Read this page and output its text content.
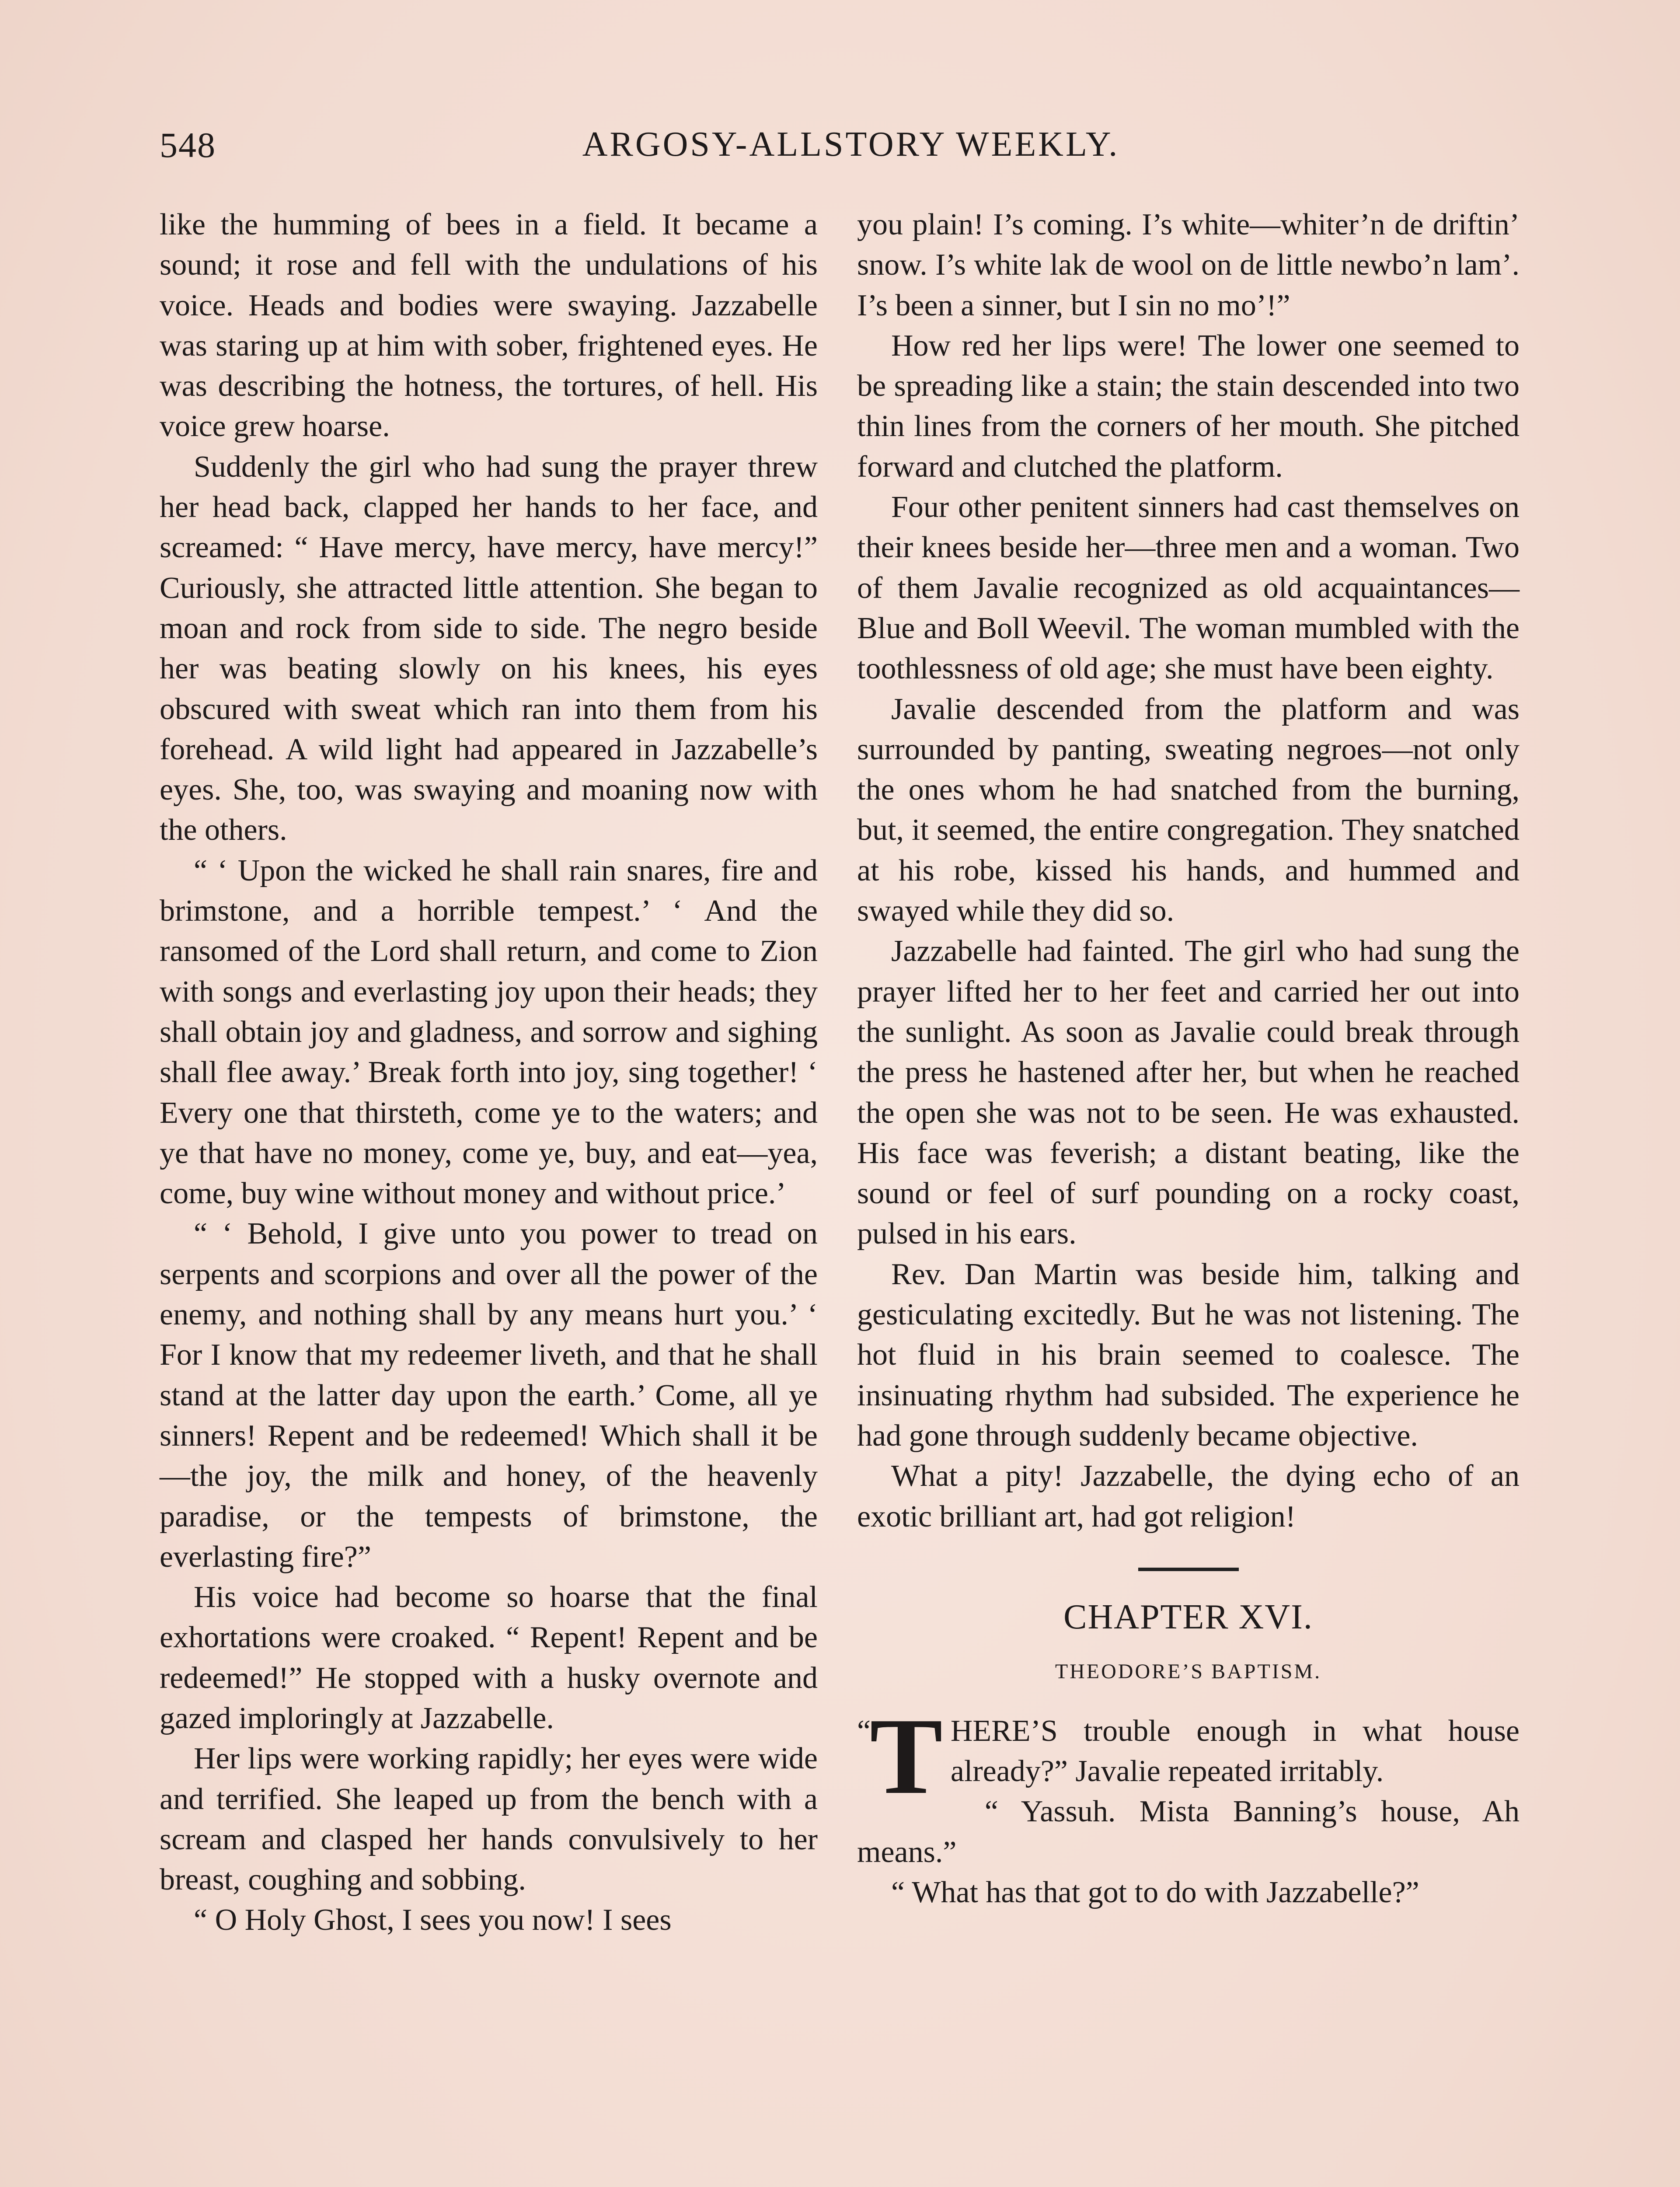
548	ARGOSY-ALLSTORY WEEKLY.

like the humming of bees in a field. It became a sound; it rose and fell with the undulations of his voice. Heads and bodies were swaying. Jazzabelle was staring up at him with sober, frightened eyes. He was describing the hotness, the tortures, of hell. His voice grew hoarse.

Suddenly the girl who had sung the prayer threw her head back, clapped her hands to her face, and screamed: “ Have mercy, have mercy, have mercy!” Curiously, she attracted little attention. She began to moan and rock from side to side. The negro beside her was beating slowly on his knees, his eyes obscured with sweat which ran into them from his forehead. A wild light had appeared in Jazzabelle’s eyes. She, too, was swaying and moaning now with the others.

“ ‘ Upon the wicked he shall rain snares, fire and brimstone, and a horrible tempest.’ ‘ And the ransomed of the Lord shall return, and come to Zion with songs and everlasting joy upon their heads; they shall obtain joy and gladness, and sorrow and sighing shall flee away.’ Break forth into joy, sing together! ‘ Every one that thirsteth, come ye to the waters; and ye that have no money, come ye, buy, and eat—yea, come, buy wine without money and without price.’

“ ‘ Behold, I give unto you power to tread on serpents and scorpions and over all the power of the enemy, and nothing shall by any means hurt you.’ ‘ For I know that my redeemer liveth, and that he shall stand at the latter day upon the earth.’ Come, all ye sinners! Repent and be redeemed! Which shall it be—the joy, the milk and honey, of the heavenly paradise, or the tempests of brimstone, the everlasting fire?”

His voice had become so hoarse that the final exhortations were croaked. “ Repent! Repent and be redeemed!” He stopped with a husky overnote and gazed imploringly at Jazzabelle.

Her lips were working rapidly; her eyes were wide and terrified. She leaped up from the bench with a scream and clasped her hands convulsively to her breast, coughing and sobbing.

“ O Holy Ghost, I sees you now! I sees

you plain! I’s coming. I’s white—whiter’n de driftin’ snow. I’s white lak de wool on de little newbo’n lam’. I’s been a sinner, but I sin no mo’!”

How red her lips were! The lower one seemed to be spreading like a stain; the stain descended into two thin lines from the corners of her mouth. She pitched forward and clutched the platform.

Four other penitent sinners had cast themselves on their knees beside her—three men and a woman. Two of them Javalie recognized as old acquaintances—Blue and Boll Weevil. The woman mumbled with the toothlessness of old age; she must have been eighty.

Javalie descended from the platform and was surrounded by panting, sweating negroes—not only the ones whom he had snatched from the burning, but, it seemed, the entire congregation. They snatched at his robe, kissed his hands, and hummed and swayed while they did so.

Jazzabelle had fainted. The girl who had sung the prayer lifted her to her feet and carried her out into the sunlight. As soon as Javalie could break through the press he hastened after her, but when he reached the open she was not to be seen. He was exhausted. His face was feverish; a distant beating, like the sound or feel of surf pounding on a rocky coast, pulsed in his ears.

Rev. Dan Martin was beside him, talking and gesticulating excitedly. But he was not listening. The hot fluid in his brain seemed to coalesce. The insinuating rhythm had subsided. The experience he had gone through suddenly became objective.

What a pity! Jazzabelle, the dying echo of an exotic brilliant art, had got religion!

CHAPTER XVI.
THEODORE’S BAPTISM.

“
T HERE’S trouble enough in what house already?” Javalie repeated irritably.

“ Yassuh. Mista Banning’s house, Ah means.”

“ What has that got to do with Jazzabelle?”
